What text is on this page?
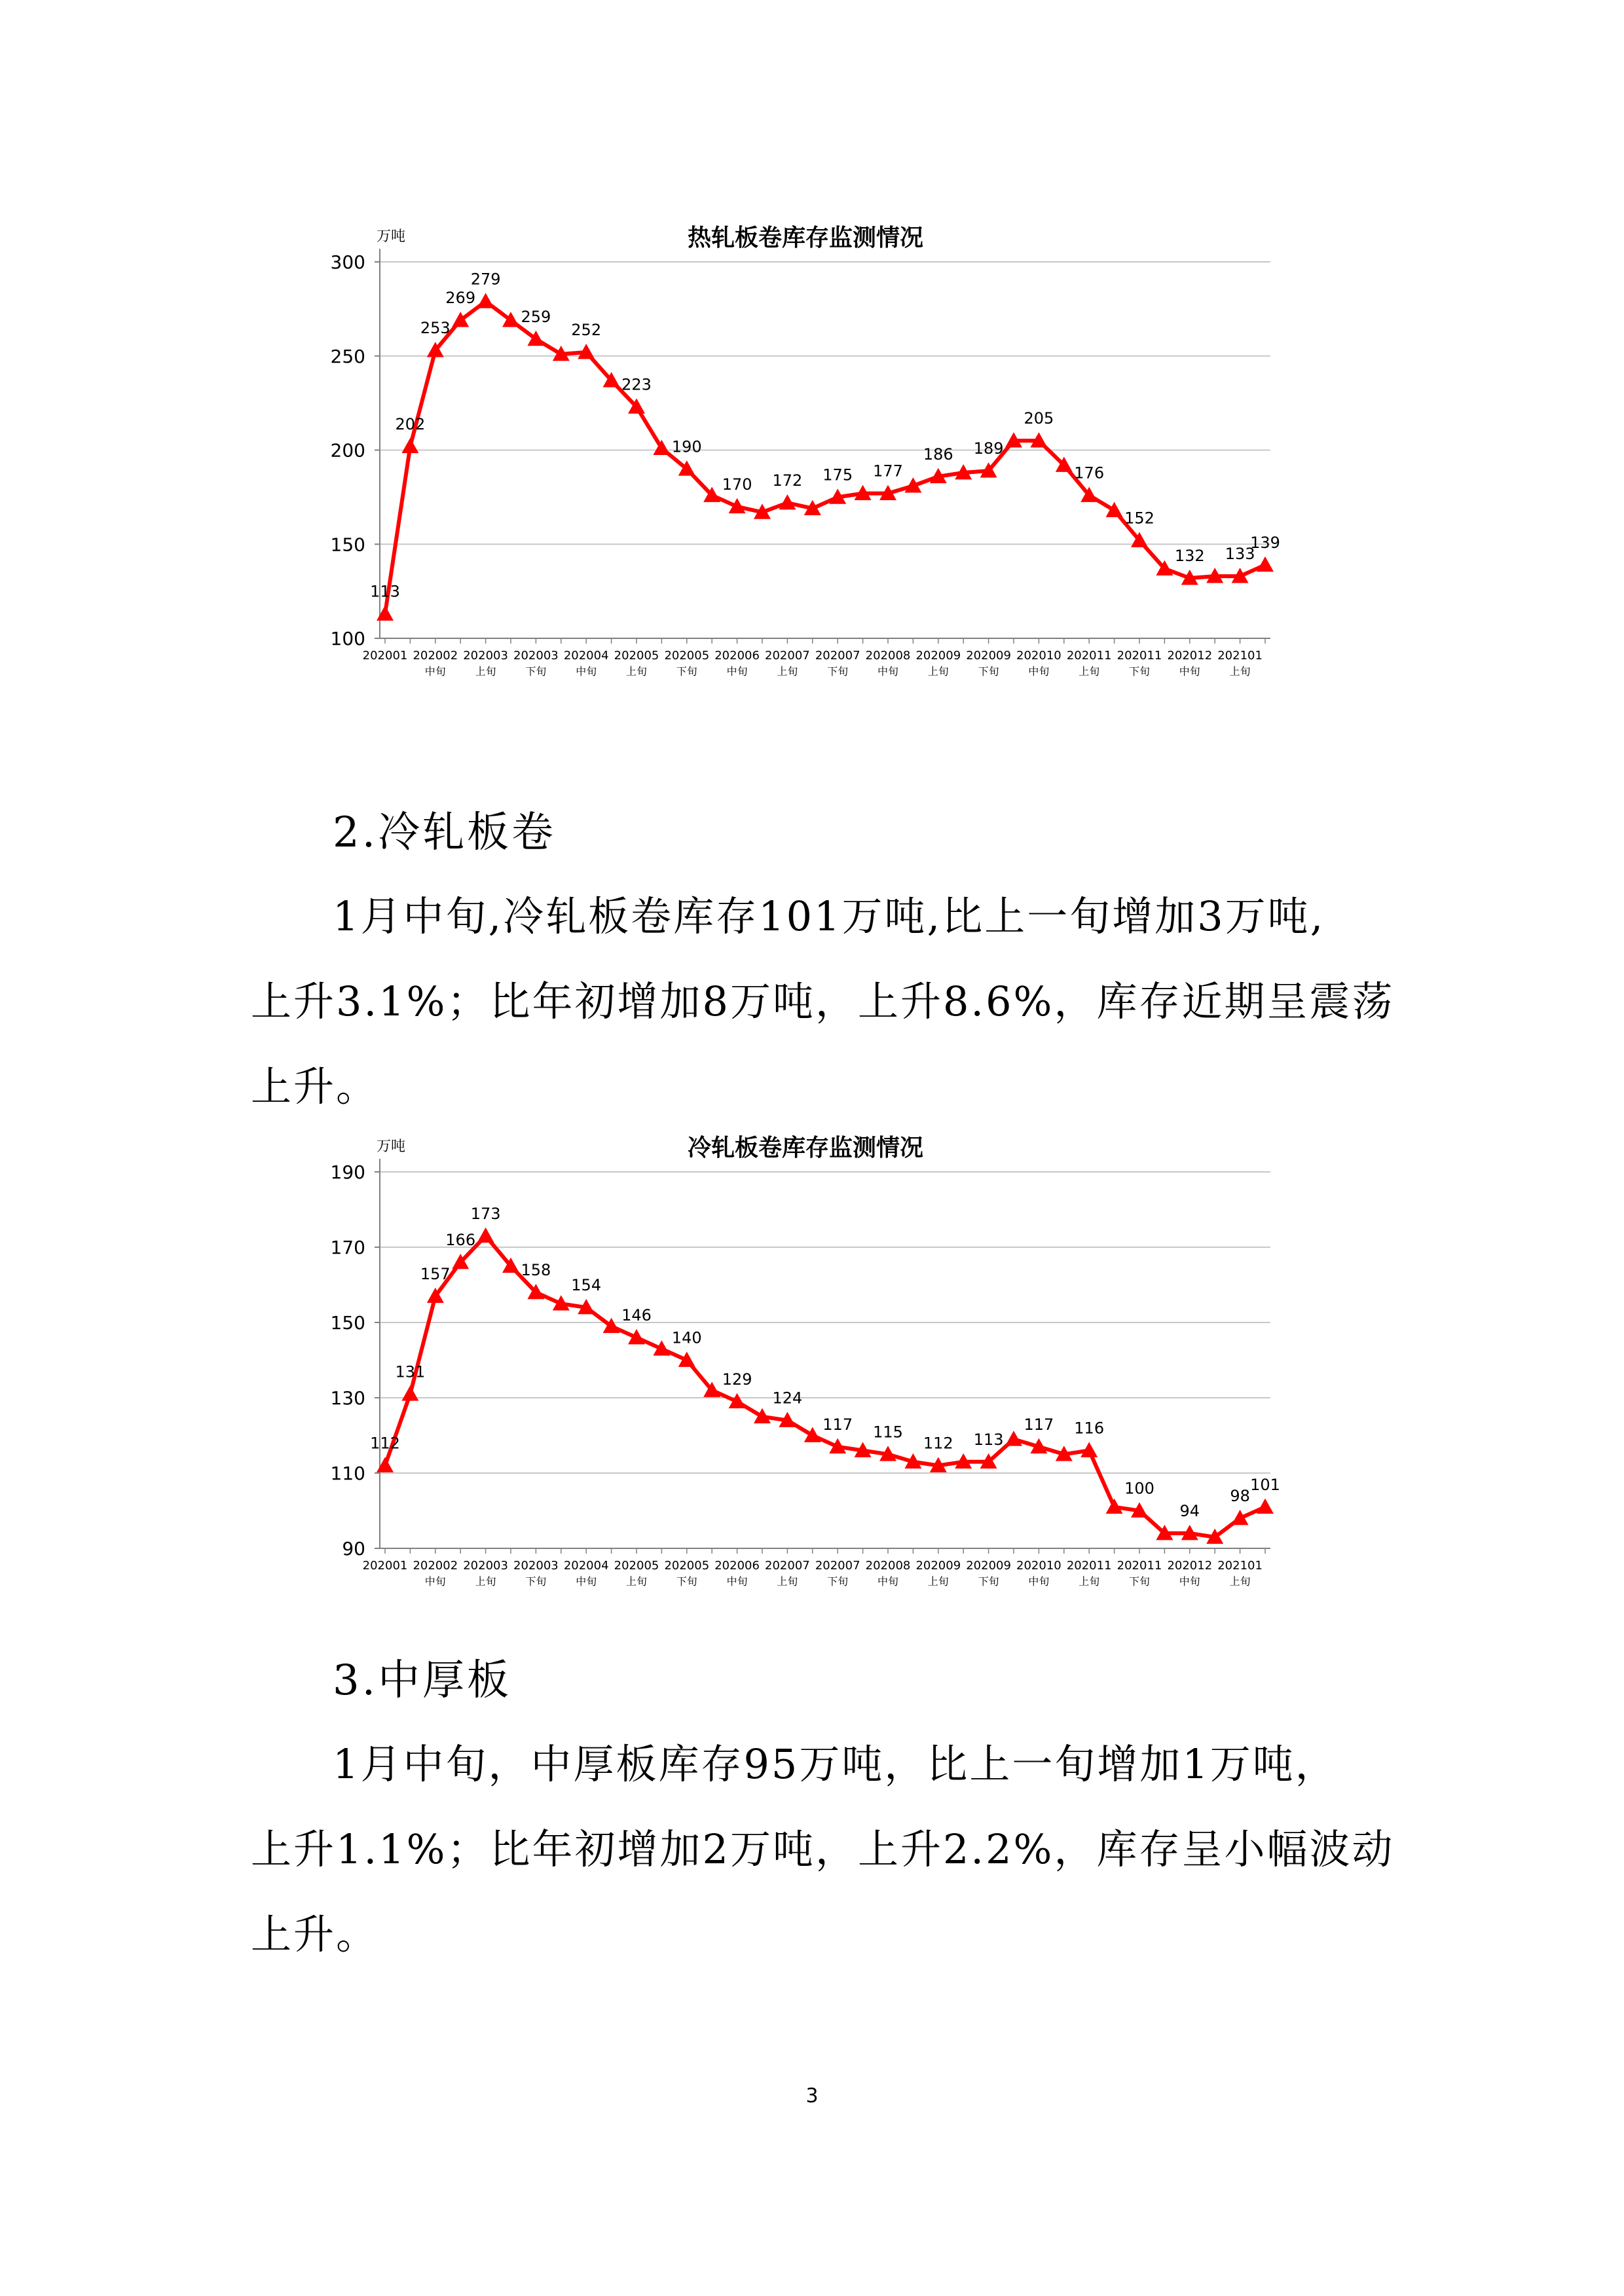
热轧板卷库存监测情况
万吨
300
250
200
150
100
202001 202002
中旬
202003
上旬
202003
下旬
202004
中旬
202005
上旬
202005
下旬
202006
中旬
202007
上旬
202007
下旬
202008
中旬
202009
上旬
202009
下旬
202010
中旬
202011
上旬
202011
下旬
202012
中旬
202101
上旬
113
202
253
269
279
259
252
223
190
170 172 175 177
186 189
205
176
152
132 133
139
2.冷轧板卷
1月中旬,冷轧板卷库存101万吨,比上一旬增加3万吨,
上升3.1%；比年初增加8万吨，上升8.6%，库存近期呈震荡
上升。
冷轧板卷库存监测情况
万吨
190
170
150
130
110
90
202001 202002
中旬
202003
上旬
202003
下旬
202004
中旬
202005
上旬
202005
下旬
202006
中旬
202007
上旬
202007
下旬
202008
中旬
202009
上旬
202009
下旬
202010
中旬
202011
上旬
202011
下旬
202012
中旬
202101
上旬
112
131
157
166
173
158
154
146
140
129
124
117 115
112 113
117 116
100
94
98
101
3.中厚板
1月中旬，中厚板库存95万吨，比上一旬增加1万吨，
上升1.1%；比年初增加2万吨，上升2.2%，库存呈小幅波动
上升。
3
